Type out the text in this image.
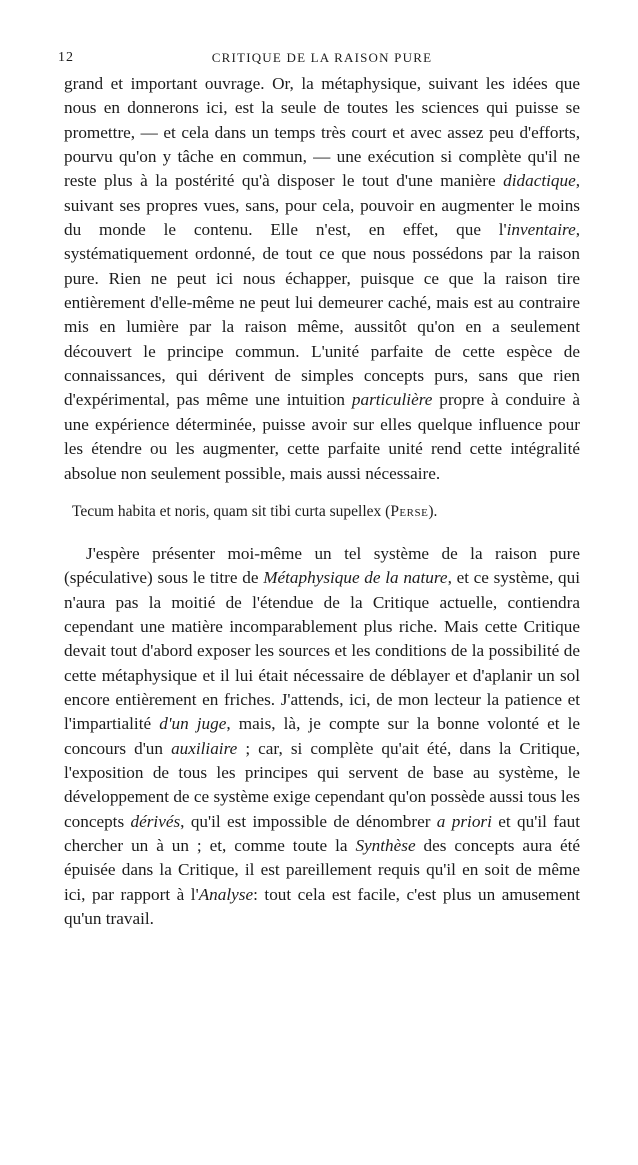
12	CRITIQUE DE LA RAISON PURE

grand et important ouvrage. Or, la métaphysique, suivant les idées que nous en donnerons ici, est la seule de toutes les sciences qui puisse se promettre, — et cela dans un temps très court et avec assez peu d'efforts, pourvu qu'on y tâche en commun, — une exécution si complète qu'il ne reste plus à la postérité qu'à disposer le tout d'une manière didactique, suivant ses propres vues, sans, pour cela, pouvoir en augmenter le moins du monde le contenu. Elle n'est, en effet, que l'inventaire, systématiquement ordonné, de tout ce que nous possédons par la raison pure. Rien ne peut ici nous échapper, puisque ce que la raison tire entièrement d'elle-même ne peut lui demeurer caché, mais est au contraire mis en lumière par la raison même, aussitôt qu'on en a seulement découvert le principe commun. L'unité parfaite de cette espèce de connaissances, qui dérivent de simples concepts purs, sans que rien d'expérimental, pas même une intuition particulière propre à conduire à une expérience déterminée, puisse avoir sur elles quelque influence pour les étendre ou les augmenter, cette parfaite unité rend cette intégralité absolue non seulement possible, mais aussi nécessaire.

Tecum habita et noris, quam sit tibi curta supellex (Perse).

J'espère présenter moi-même un tel système de la raison pure (spéculative) sous le titre de Métaphysique de la nature, et ce système, qui n'aura pas la moitié de l'étendue de la Critique actuelle, contiendra cependant une matière incomparablement plus riche. Mais cette Critique devait tout d'abord exposer les sources et les conditions de la possibilité de cette métaphysique et il lui était nécessaire de déblayer et d'aplanir un sol encore entièrement en friches. J'attends, ici, de mon lecteur la patience et l'impartialité d'un juge, mais, là, je compte sur la bonne volonté et le concours d'un auxiliaire ; car, si complète qu'ait été, dans la Critique, l'exposition de tous les principes qui servent de base au système, le développement de ce système exige cependant qu'on possède aussi tous les concepts dérivés, qu'il est impossible de dénombrer a priori et qu'il faut chercher un à un ; et, comme toute la Synthèse des concepts aura été épuisée dans la Critique, il est pareillement requis qu'il en soit de même ici, par rapport à l'Analyse: tout cela est facile, c'est plus un amusement qu'un travail.
